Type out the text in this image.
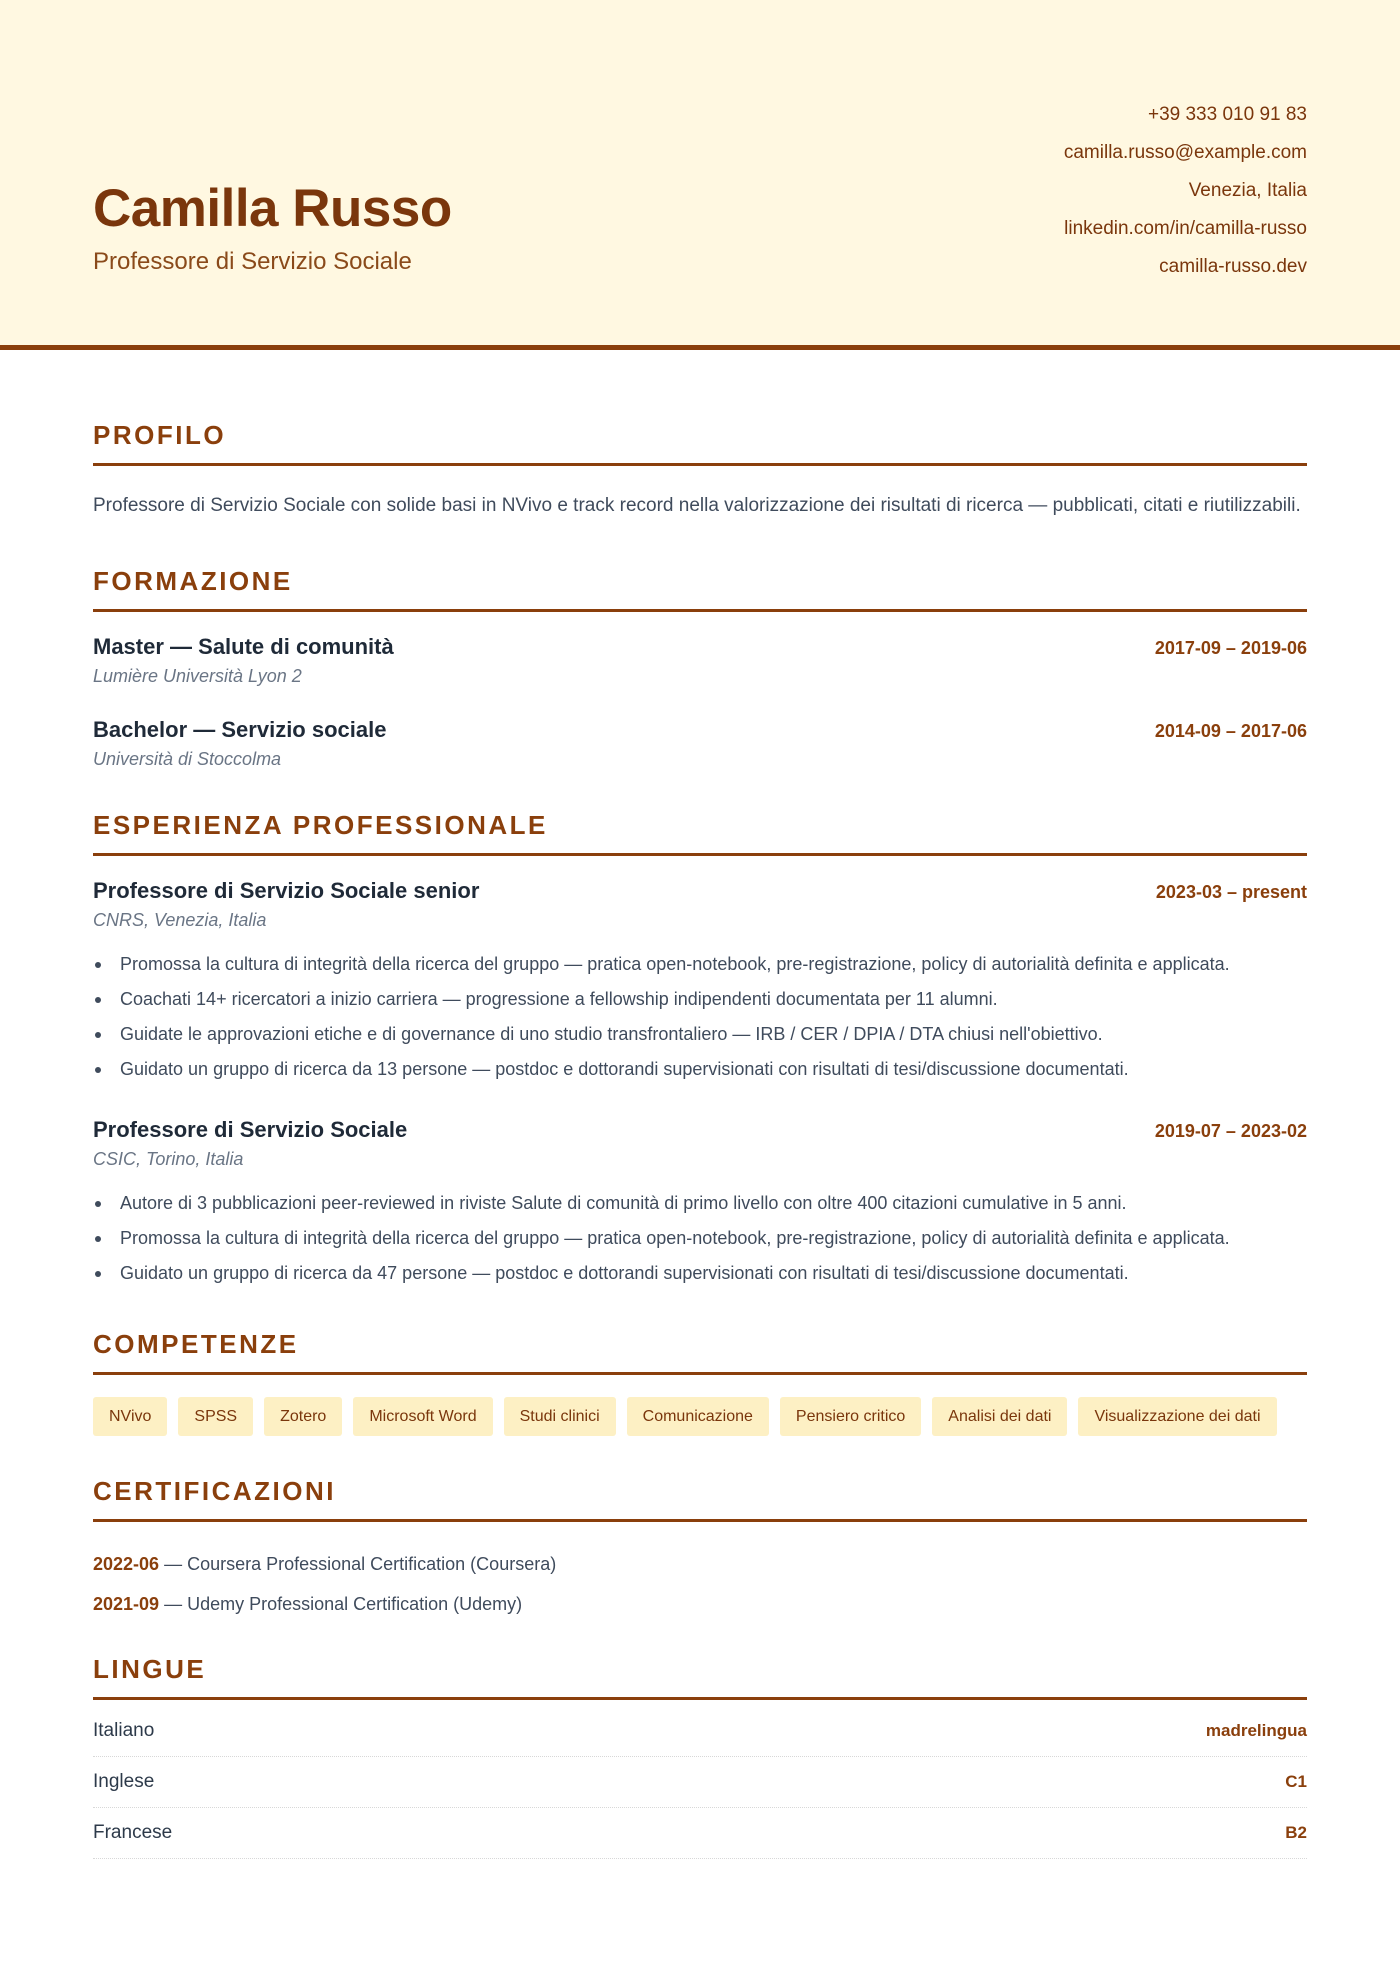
Camilla Russo
Professore di Servizio Sociale
+39 333 010 91 83
camilla.russo@example.com
Venezia, Italia
linkedin.com/in/camilla-russo
camilla-russo.dev
PROFILO
Professore di Servizio Sociale con solide basi in NVivo e track record nella valorizzazione dei risultati di ricerca — pubblicati, citati e riutilizzabili.
FORMAZIONE
Master — Salute di comunità	2017-09 – 2019-06
Lumière Università Lyon 2
Bachelor — Servizio sociale	2014-09 – 2017-06
Università di Stoccolma
ESPERIENZA PROFESSIONALE
Professore di Servizio Sociale senior	2023-03 – present
CNRS, Venezia, Italia
Promossa la cultura di integrità della ricerca del gruppo — pratica open-notebook, pre-registrazione, policy di autorialità definita e applicata.
Coachati 14+ ricercatori a inizio carriera — progressione a fellowship indipendenti documentata per 11 alumni.
Guidate le approvazioni etiche e di governance di uno studio transfrontaliero — IRB / CER / DPIA / DTA chiusi nell'obiettivo.
Guidato un gruppo di ricerca da 13 persone — postdoc e dottorandi supervisionati con risultati di tesi/discussione documentati.
Professore di Servizio Sociale	2019-07 – 2023-02
CSIC, Torino, Italia
Autore di 3 pubblicazioni peer-reviewed in riviste Salute di comunità di primo livello con oltre 400 citazioni cumulative in 5 anni.
Promossa la cultura di integrità della ricerca del gruppo — pratica open-notebook, pre-registrazione, policy di autorialità definita e applicata.
Guidato un gruppo di ricerca da 47 persone — postdoc e dottorandi supervisionati con risultati di tesi/discussione documentati.
COMPETENZE
NVivo	SPSS	Zotero	Microsoft Word	Studi clinici	Comunicazione	Pensiero critico	Analisi dei dati	Visualizzazione dei dati
CERTIFICAZIONI
2022-06 — Coursera Professional Certification (Coursera)
2021-09 — Udemy Professional Certification (Udemy)
LINGUE
Italiano	madrelingua
Inglese	C1
Francese	B2
